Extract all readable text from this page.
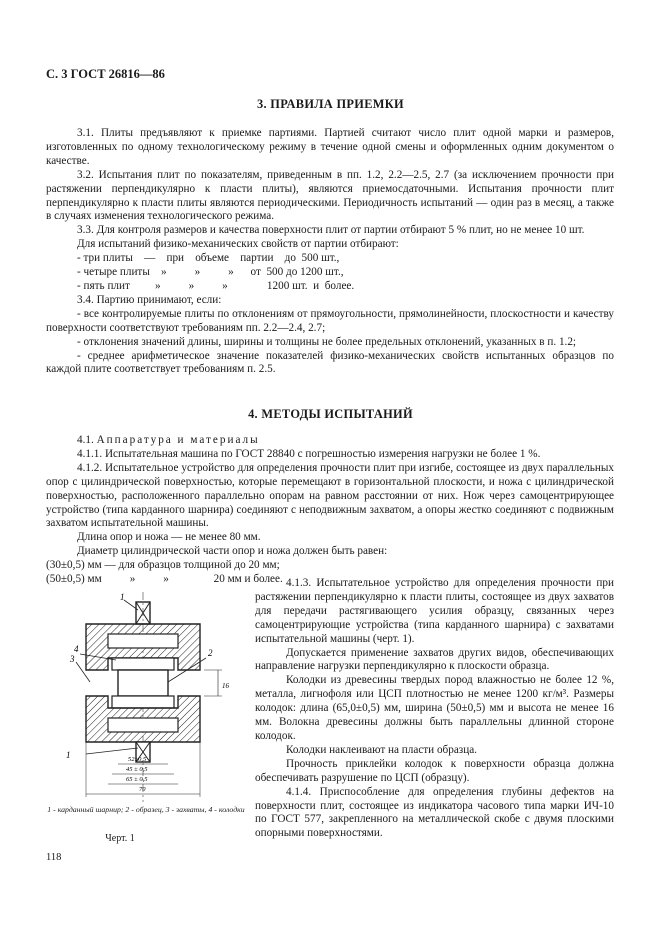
С. 3 ГОСТ 26816—86
3. ПРАВИЛА ПРИЕМКИ

3.1. Плиты предъявляют к приемке партиями. Партией считают число плит одной марки и размеров, изготовленных по одному технологическому режиму в течение одной смены и оформленных одним документом о качестве.

3.2. Испытания плит по показателям, приведенным в пп. 1.2, 2.2—2.5, 2.7 (за исключением прочности при растяжении перпендикулярно к пласти плиты), являются приемосдаточными. Испытания прочности плит перпендикулярно к пласти плиты являются периодическими. Периодичность испытаний — один раз в месяц, а также в случаях изменения технологического режима.

3.3. Для контроля размеров и качества поверхности плит от партии отбирают 5 % плит, но не менее 10 шт.

Для испытаний физико-механических свойств от партии отбирают:

- три плиты    —    при    объеме    партии    до  500 шт.,

- четыре плиты    »          »          »      от  500 до 1200 шт.,

- пять плит         »          »          »              1200 шт.  и  более.

3.4. Партию принимают, если:

- все контролируемые плиты по отклонениям от прямоугольности, прямолинейности, плоскостности и качеству поверхности соответствуют требованиям пп. 2.2—2.4, 2.7;

- отклонения значений длины, ширины и толщины не более предельных отклонений, указанных в п. 1.2;

- среднее арифметическое значение показателей физико-механических свойств испытанных образцов по каждой плите соответствует требованиям п. 2.5.

4. МЕТОДЫ ИСПЫТАНИЙ

4.1. Аппаратура и материалы

4.1.1. Испытательная машина по ГОСТ 28840 с погрешностью измерения нагрузки не более 1 %.

4.1.2. Испытательное устройство для определения прочности плит при изгибе, состоящее из двух параллельных опор с цилиндрической поверхностью, которые перемещают в горизонтальной плоскости, и ножа с цилиндрической поверхностью, расположенного параллельно опорам на равном расстоянии от них. Нож через самоцентрирующее устройство (типа карданного шарнира) соединяют с неподвижным захватом, а опоры жестко соединяют с подвижным захватом испытательной машины.

Длина опор и ножа — не менее 80 мм.

Диаметр цилиндрической части опор и ножа должен быть равен:

(30±0,5) мм — для образцов толщиной до 20 мм;

(50±0,5) мм          »          »                20 мм и более.

1
2
3
4
16
52±0,5
45 ± 0,5
65 ± 0,5
70
1

4.1.3. Испытательное устройство для определения прочности при растяжении перпендикулярно к пласти плиты, состоящее из двух захватов для передачи растягивающего усилия образцу, связанных через самоцентрирующие устройства (типа карданного шарнира) с захватами испытательной машины (черт. 1).

Допускается применение захватов других видов, обеспечивающих направление нагрузки перпендикулярно к плоскости образца.

Колодки из древесины твердых пород влажностью не более 12 %, металла, лигнофоля или ЦСП плотностью не менее 1200 кг/м³. Размеры колодок: длина (65,0±0,5) мм, ширина (50±0,5) мм и высота не менее 16 мм. Волокна древесины должны быть параллельны длинной стороне колодок.

Колодки наклеивают на пласти образца.

Прочность приклейки колодок к поверхности образца должна обеспечивать разрушение по ЦСП (образцу).

4.1.4. Приспособление для определения глубины дефектов на поверхности плит, состоящее из индикатора часового типа марки ИЧ-10 по ГОСТ 577, закрепленного на металлической скобе с двумя плоскими опорными поверхностями.

1 - карданный шарнир; 2 - образец, 3 - захваты, 4 - колодки
Черт. 1
118
